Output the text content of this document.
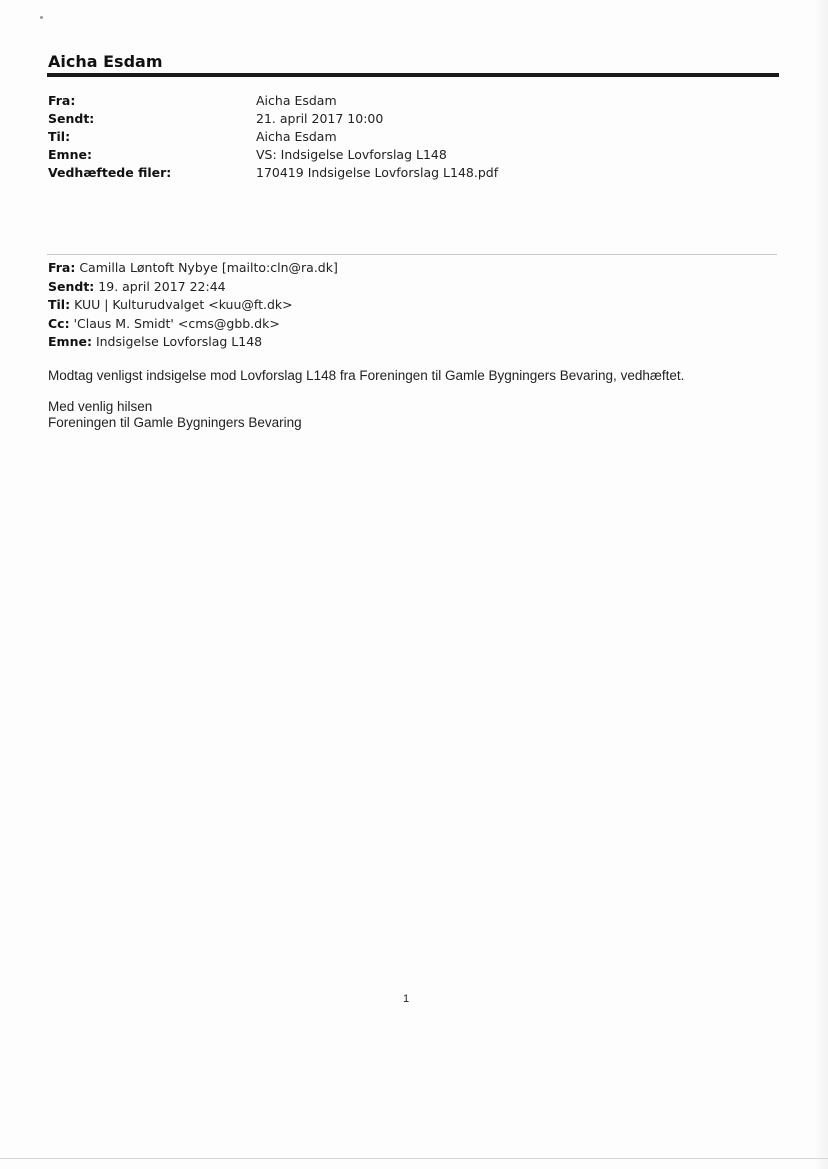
Aicha Esdam
Fra:	Aicha Esdam
Sendt:	21. april 2017 10:00
Til:	Aicha Esdam
Emne:	VS: Indsigelse Lovforslag L148
Vedhæftede filer:	170419 Indsigelse Lovforslag L148.pdf
Fra: Camilla Løntoft Nybye [mailto:cln@ra.dk]
Sendt: 19. april 2017 22:44
Til: KUU | Kulturudvalget <kuu@ft.dk>
Cc: 'Claus M. Smidt' <cms@gbb.dk>
Emne: Indsigelse Lovforslag L148

Modtag venligst indsigelse mod Lovforslag L148 fra Foreningen til Gamle Bygningers Bevaring, vedhæftet.

Med venlig hilsen
Foreningen til Gamle Bygningers Bevaring
1
